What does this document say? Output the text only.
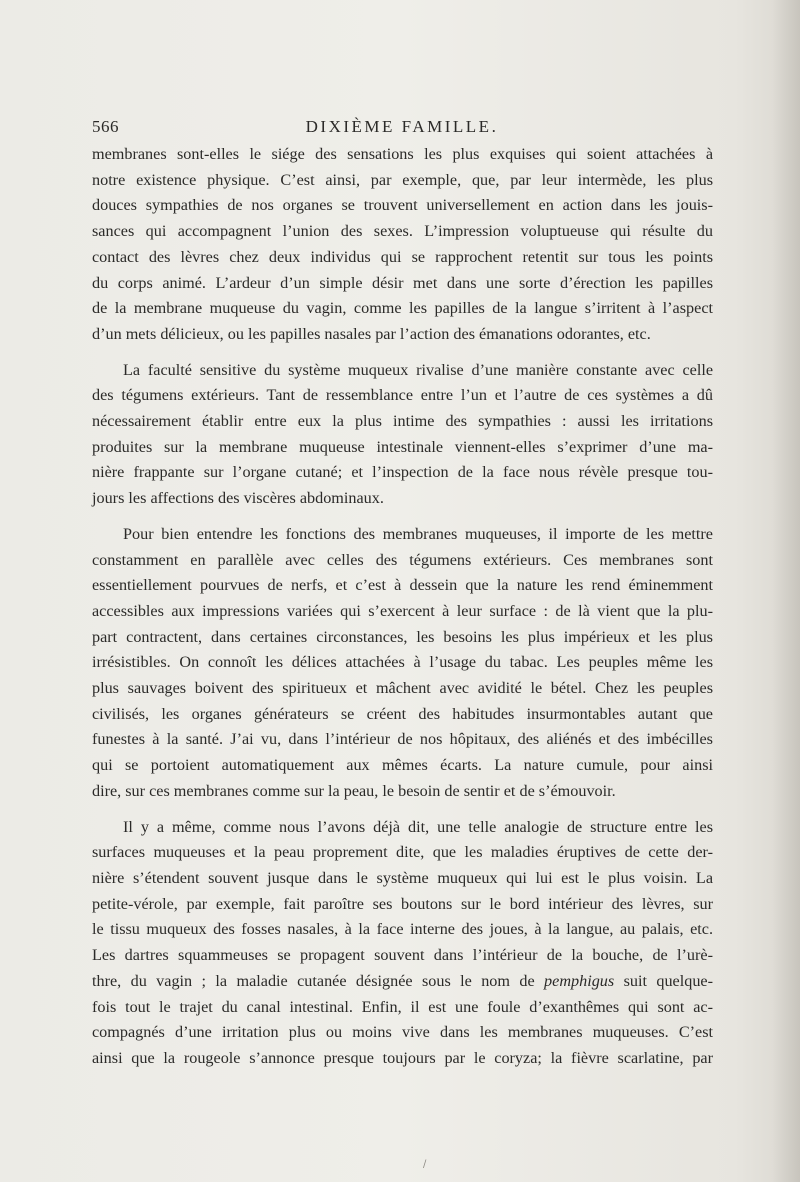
566	DIXIÈME FAMILLE.

membranes sont-elles le siége des sensations les plus exquises qui soient attachées à
notre existence physique. C’est ainsi, par exemple, que, par leur intermède, les plus
douces sympathies de nos organes se trouvent universellement en action dans les jouis-
sances qui accompagnent l’union des sexes. L’impression voluptueuse qui résulte du
contact des lèvres chez deux individus qui se rapprochent retentit sur tous les points
du corps animé. L’ardeur d’un simple désir met dans une sorte d’érection les papilles
de la membrane muqueuse du vagin, comme les papilles de la langue s’irritent à l’aspect
d’un mets délicieux, ou les papilles nasales par l’action des émanations odorantes, etc.

La faculté sensitive du système muqueux rivalise d’une manière constante avec celle
des tégumens extérieurs. Tant de ressemblance entre l’un et l’autre de ces systèmes a dû
nécessairement établir entre eux la plus intime des sympathies : aussi les irritations
produites sur la membrane muqueuse intestinale viennent-elles s’exprimer d’une ma-
nière frappante sur l’organe cutané; et l’inspection de la face nous révèle presque tou-
jours les affections des viscères abdominaux.

Pour bien entendre les fonctions des membranes muqueuses, il importe de les mettre
constamment en parallèle avec celles des tégumens extérieurs. Ces membranes sont
essentiellement pourvues de nerfs, et c’est à dessein que la nature les rend éminemment
accessibles aux impressions variées qui s’exercent à leur surface : de là vient que la plu-
part contractent, dans certaines circonstances, les besoins les plus impérieux et les plus
irrésistibles. On connoît les délices attachées à l’usage du tabac. Les peuples même les
plus sauvages boivent des spiritueux et mâchent avec avidité le bétel. Chez les peuples
civilisés, les organes générateurs se créent des habitudes insurmontables autant que
funestes à la santé. J’ai vu, dans l’intérieur de nos hôpitaux, des aliénés et des imbécilles
qui se portoient automatiquement aux mêmes écarts. La nature cumule, pour ainsi
dire, sur ces membranes comme sur la peau, le besoin de sentir et de s’émouvoir.

Il y a même, comme nous l’avons déjà dit, une telle analogie de structure entre les
surfaces muqueuses et la peau proprement dite, que les maladies éruptives de cette der-
nière s’étendent souvent jusque dans le système muqueux qui lui est le plus voisin. La
petite-vérole, par exemple, fait paroître ses boutons sur le bord intérieur des lèvres, sur
le tissu muqueux des fosses nasales, à la face interne des joues, à la langue, au palais, etc.
Les dartres squammeuses se propagent souvent dans l’intérieur de la bouche, de l’urè-
thre, du vagin ; la maladie cutanée désignée sous le nom de pemphigus suit quelque-
fois tout le trajet du canal intestinal. Enfin, il est une foule d’exanthêmes qui sont ac-
compagnés d’une irritation plus ou moins vive dans les membranes muqueuses. C’est
ainsi que la rougeole s’annonce presque toujours par le coryza; la fièvre scarlatine, par

/
